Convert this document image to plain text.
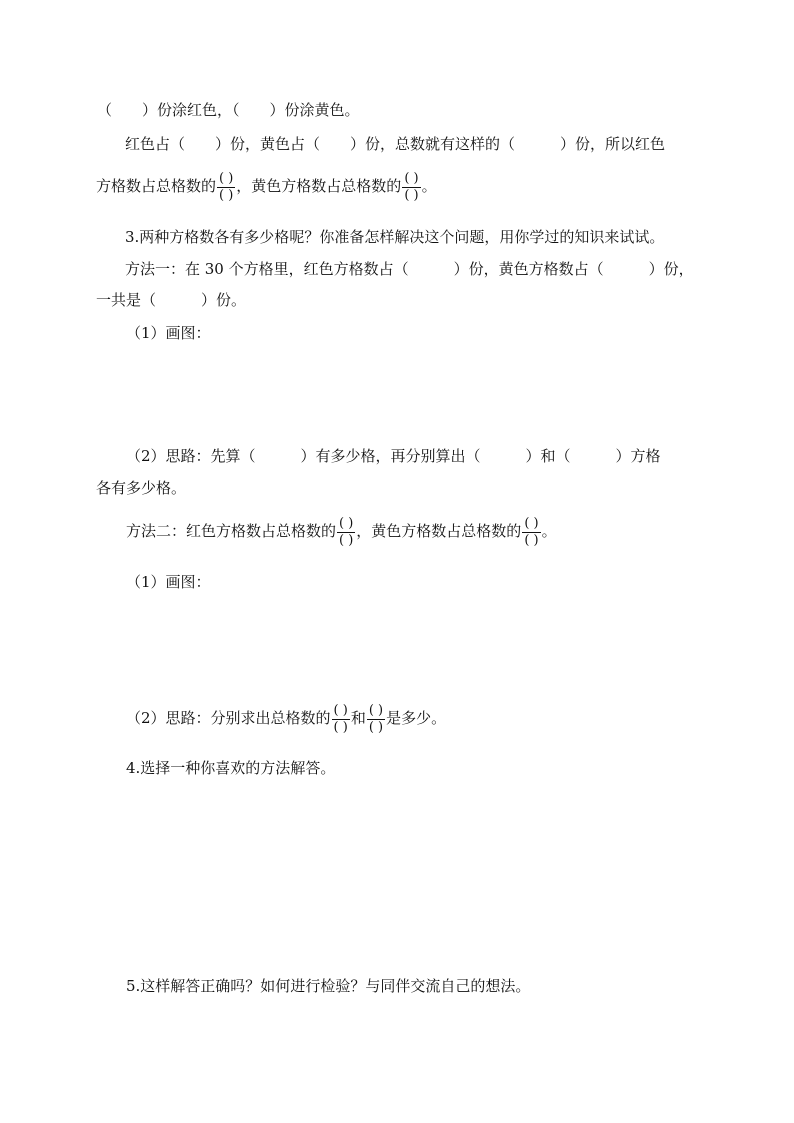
（　　）份涂红色，（　　）份涂黄色。
红色占（　　）份，黄色占（　　）份，总数就有这样的（　　　）份，所以红色
方格数占总格数的 $\frac{( )}{( )}$ ，黄色方格数占总格数的 $\frac{( )}{( )}$ 。
3.两种方格数各有多少格呢？你准备怎样解决这个问题，用你学过的知识来试试。
方法一：在 30 个方格里，红色方格数占（　　　）份，黄色方格数占（　　　）份，
一共是（　　　）份。
（1）画图：
（2）思路：先算（　　　）有多少格，再分别算出（　　　）和（　　　）方格
各有多少格。
方法二：红色方格数占总格数的 $\frac{( )}{( )}$ ，黄色方格数占总格数的 $\frac{( )}{( )}$ 。
（1）画图：
（2）思路：分别求出总格数的 $\frac{( )}{( )}$ 和 $\frac{( )}{( )}$ 是多少。
4.选择一种你喜欢的方法解答。
5.这样解答正确吗？如何进行检验？与同伴交流自己的想法。
